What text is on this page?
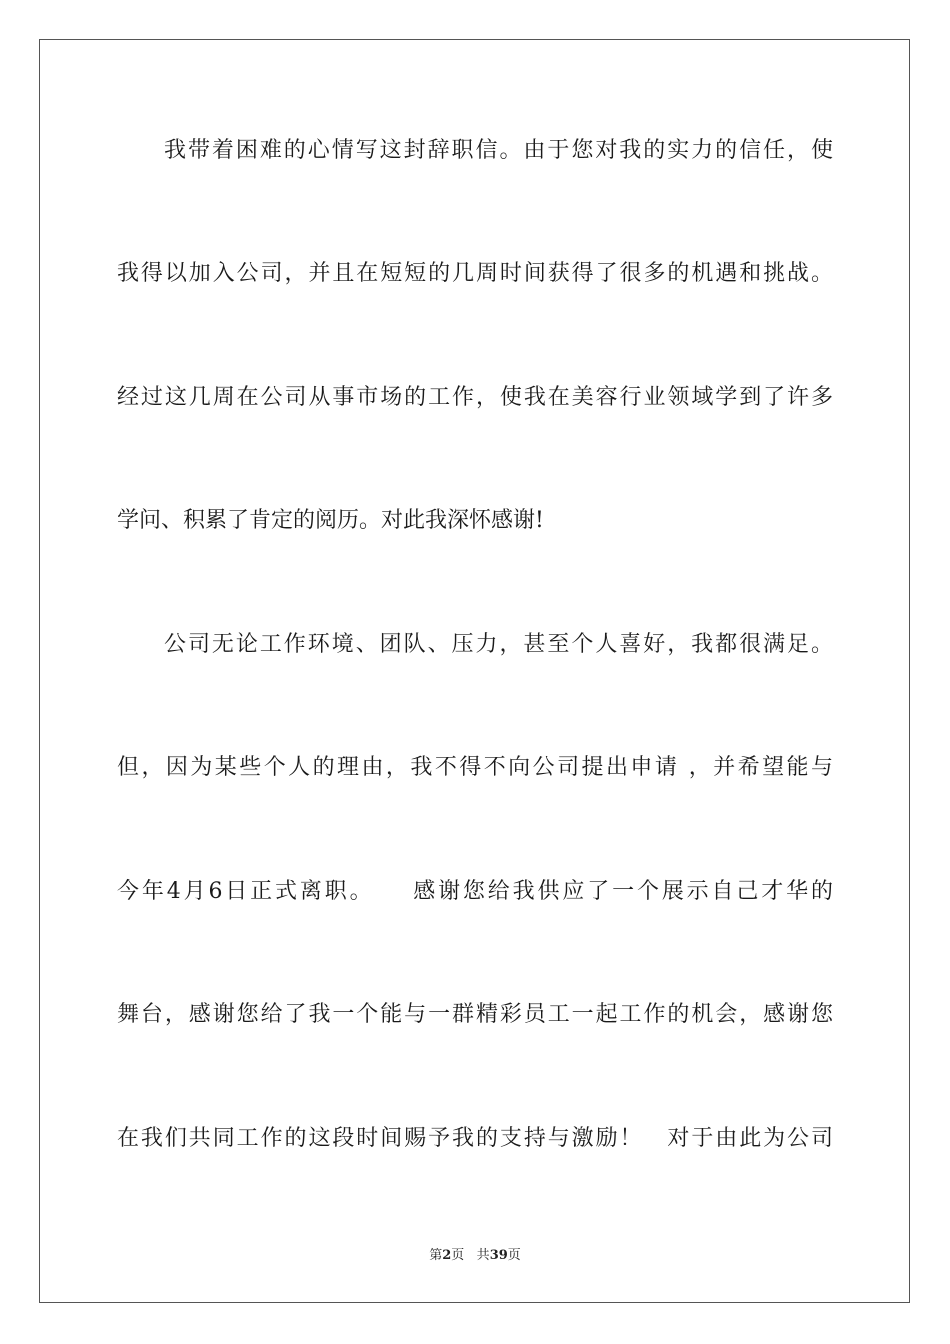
我带着困难的心情写这封辞职信。由于您对我的实力的信任，使
我得以加入公司，并且在短短的几周时间获得了很多的机遇和挑战。
经过这几周在公司从事市场的工作，使我在美容行业领域学到了许多
学问、积累了肯定的阅历。对此我深怀感谢!
公司无论工作环境、团队、压力，甚至个人喜好，我都很满足。
但，因为某些个人的理由，我不得不向公司提出申请 ，并希望能与
今年4月6日正式离职。　　感谢您给我供应了一个展示自己才华的
舞台，感谢您给了我一个能与一群精彩员工一起工作的机会，感谢您
在我们共同工作的这段时间赐予我的支持与激励！　对于由此为公司
第2页 共39页
